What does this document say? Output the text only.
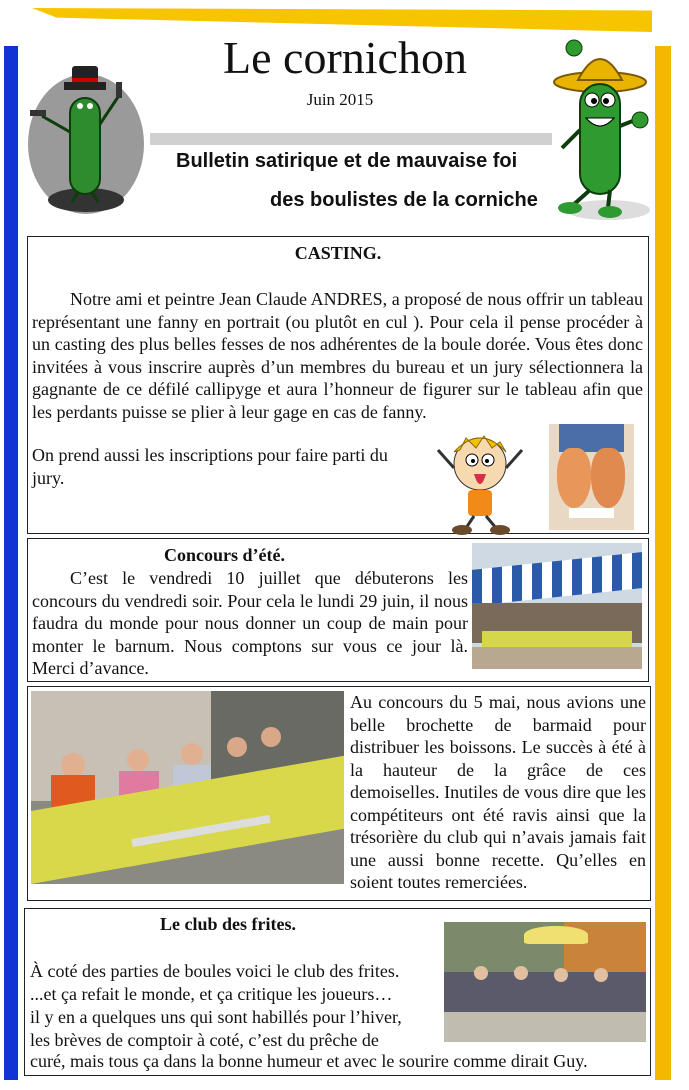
Le cornichon
Juin 2015
Bulletin satirique et de mauvaise foi
des boulistes de la corniche
CASTING.
Notre ami et peintre Jean Claude ANDRES, a proposé de nous offrir un tableau représentant une fanny en portrait (ou plutôt en cul ). Pour cela il pense procéder à un casting des plus belles fesses de nos adhérentes de la boule dorée. Vous êtes donc invitées à vous inscrire auprès d’un membres du bureau et un jury sélectionnera la gagnante de ce défilé callipyge et aura l’honneur de figurer sur le tableau afin que les perdants puisse se plier à leur gage en cas de fanny.
On prend aussi les inscriptions pour faire parti du
jury.
Concours d’été.
C’est le vendredi 10 juillet que débuterons les concours du vendredi soir. Pour cela le lundi 29 juin, il nous faudra du monde pour nous donner un coup de main pour monter le barnum. Nous comptons sur vous ce jour là. Merci d’avance.
Au concours du 5 mai, nous avions une belle brochette de barmaid pour distribuer les boissons. Le succès à été à la hauteur de la grâce de ces demoiselles. Inutiles de vous dire que les compétiteurs ont été ravis ainsi que la trésorière du club qui n’avais jamais fait une aussi bonne recette. Qu’elles en soient toutes remerciées.
Le club des frites.
À coté des parties de boules voici le club des frites.
...et ça refait le monde, et ça critique les joueurs…
il y en a quelques uns qui sont habillés pour l’hiver,
les brèves de comptoir à coté, c’est du prêche de
curé, mais tous ça dans la bonne humeur et avec le sourire comme dirait Guy.
